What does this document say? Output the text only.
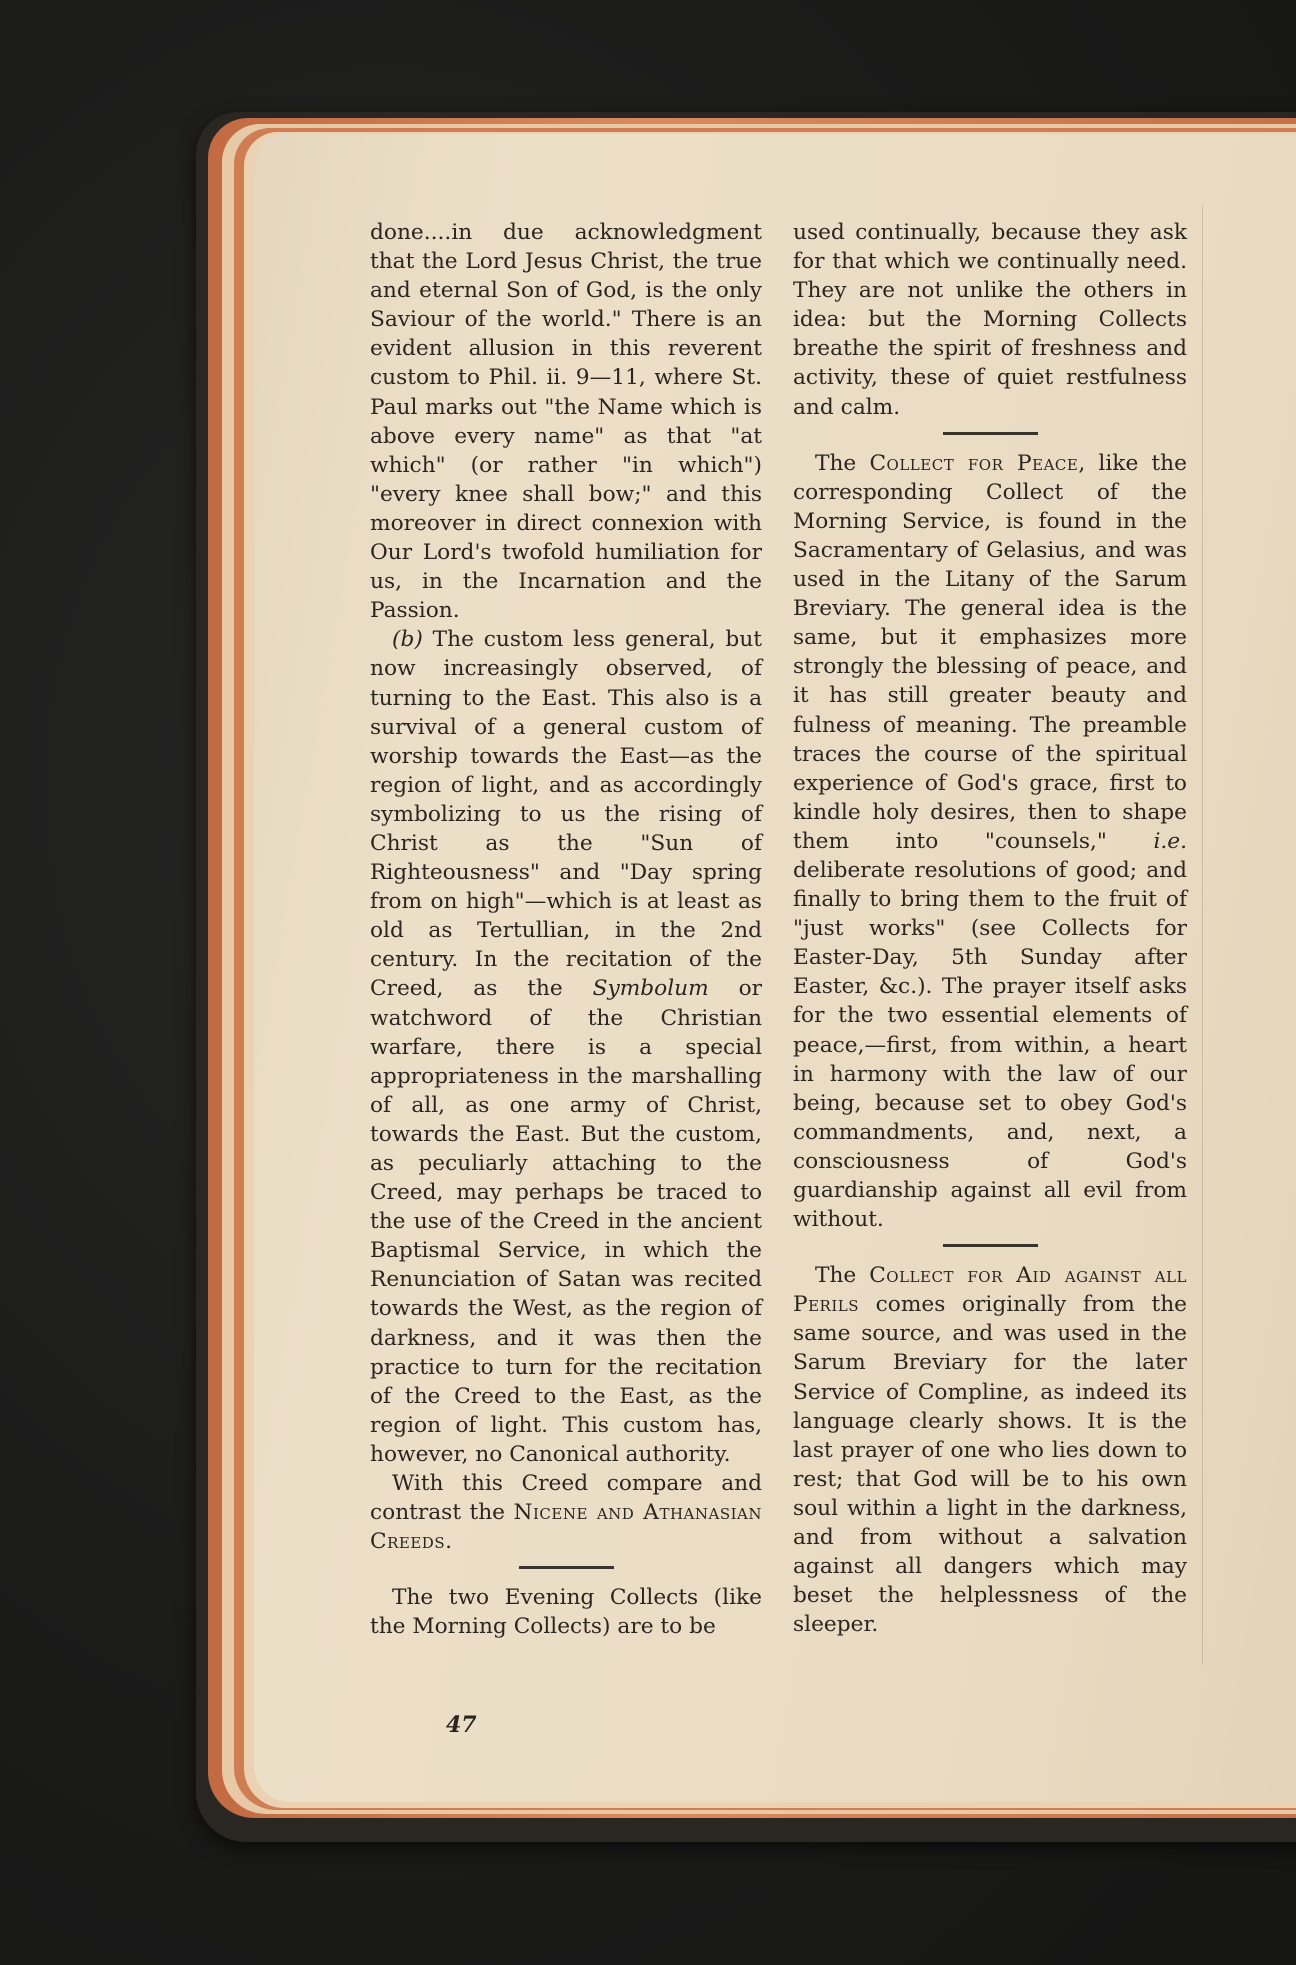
done....in due acknowledgment that the Lord Jesus Christ, the true and eternal Son of God, is the only Saviour of the world." There is an evident allusion in this reverent custom to Phil. ii. 9—11, where St. Paul marks out "the Name which is above every name" as that "at which" (or rather "in which") "every knee shall bow;" and this moreover in direct connexion with Our Lord's twofold humiliation for us, in the Incarnation and the Passion.

(b) The custom less general, but now increasingly observed, of turning to the East. This also is a survival of a general custom of worship towards the East—as the region of light, and as accordingly symbolizing to us the rising of Christ as the "Sun of Righteousness" and "Day spring from on high"—which is at least as old as Tertullian, in the 2nd century. In the recitation of the Creed, as the Symbolum or watchword of the Christian warfare, there is a special appropriateness in the marshalling of all, as one army of Christ, towards the East. But the custom, as peculiarly attaching to the Creed, may perhaps be traced to the use of the Creed in the ancient Baptismal Service, in which the Renunciation of Satan was recited towards the West, as the region of darkness, and it was then the practice to turn for the recitation of the Creed to the East, as the region of light. This custom has, however, no Canonical authority.

With this Creed compare and contrast the Nicene and Athanasian Creeds.

The two Evening Collects (like the Morning Collects) are to be

used continually, because they ask for that which we continually need. They are not unlike the others in idea: but the Morning Collects breathe the spirit of freshness and activity, these of quiet restfulness and calm.

The Collect for Peace, like the corresponding Collect of the Morning Service, is found in the Sacramentary of Gelasius, and was used in the Litany of the Sarum Breviary. The general idea is the same, but it emphasizes more strongly the blessing of peace, and it has still greater beauty and fulness of meaning. The preamble traces the course of the spiritual experience of God's grace, first to kindle holy desires, then to shape them into "counsels," i.e. deliberate resolutions of good; and finally to bring them to the fruit of "just works" (see Collects for Easter-Day, 5th Sunday after Easter, &c.). The prayer itself asks for the two essential elements of peace,—first, from within, a heart in harmony with the law of our being, because set to obey God's commandments, and, next, a consciousness of God's guardianship against all evil from without.

The Collect for Aid against all Perils comes originally from the same source, and was used in the Sarum Breviary for the later Service of Compline, as indeed its language clearly shows. It is the last prayer of one who lies down to rest; that God will be to his own soul within a light in the darkness, and from without a salvation against all dangers which may beset the helplessness of the sleeper.

47
